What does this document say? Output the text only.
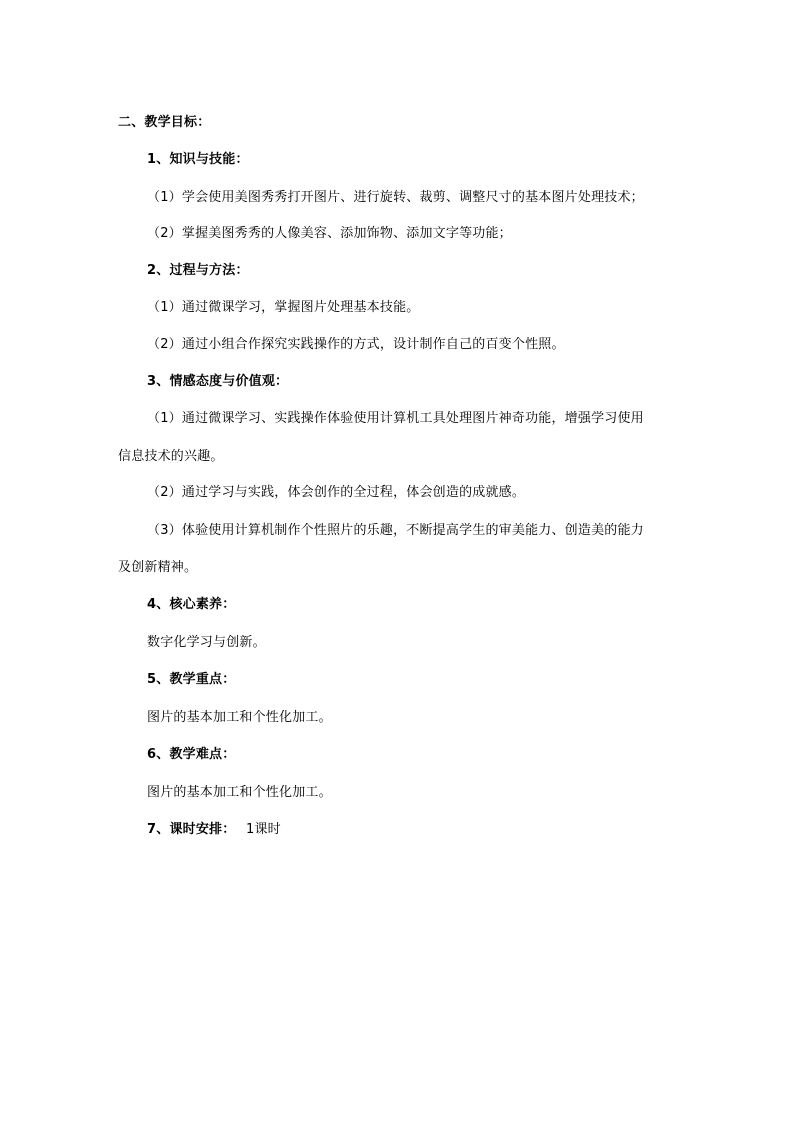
二、教学目标：
1、知识与技能：
（1）学会使用美图秀秀打开图片、进行旋转、裁剪、调整尺寸的基本图片处理技术；
（2）掌握美图秀秀的人像美容、添加饰物、添加文字等功能；
2、过程与方法：
（1）通过微课学习，掌握图片处理基本技能。
（2）通过小组合作探究实践操作的方式，设计制作自己的百变个性照。
3、情感态度与价值观：
（1）通过微课学习、实践操作体验使用计算机工具处理图片神奇功能，增强学习使用
信息技术的兴趣。
（2）通过学习与实践，体会创作的全过程，体会创造的成就感。
（3）体验使用计算机制作个性照片的乐趣，不断提高学生的审美能力、创造美的能力
及创新精神。
4、核心素养：
数字化学习与创新。
5、教学重点：
图片的基本加工和个性化加工。
6、教学难点：
图片的基本加工和个性化加工。
7、课时安排： 1课时
